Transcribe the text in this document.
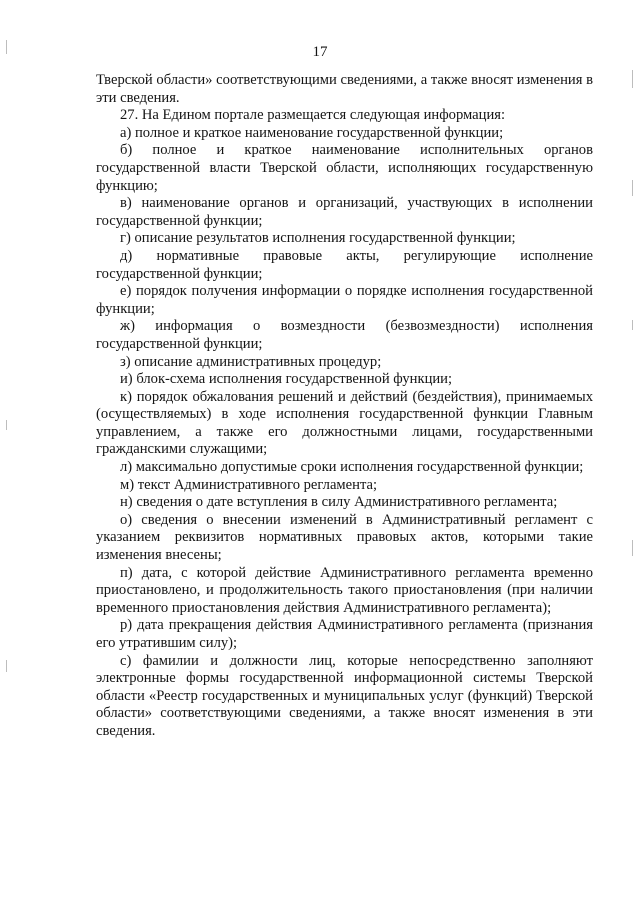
17

Тверской области» соответствующими сведениями, а также вносят изменения в эти сведения.

27. На Едином портале размещается следующая информация:

а) полное и краткое наименование государственной функции;

б) полное и краткое наименование исполнительных органов государственной власти Тверской области, исполняющих государственную функцию;

в) наименование органов и организаций, участвующих в исполнении государственной функции;

г) описание результатов исполнения государственной функции;

д) нормативные правовые акты, регулирующие исполнение государственной функции;

е) порядок получения информации о порядке исполнения государственной функции;

ж) информация о возмездности (безвозмездности) исполнения государственной функции;

з) описание административных процедур;

и) блок-схема исполнения государственной функции;

к) порядок обжалования решений и действий (бездействия), принимаемых (осуществляемых) в ходе исполнения государственной функции Главным управлением, а также его должностными лицами, государственными гражданскими служащими;

л) максимально допустимые сроки исполнения государственной функции;

м) текст Административного регламента;

н) сведения о дате вступления в силу Административного регламента;

о) сведения о внесении изменений в Административный регламент с указанием реквизитов нормативных правовых актов, которыми такие изменения внесены;

п) дата, с которой действие Административного регламента временно приостановлено, и продолжительность такого приостановления (при наличии временного приостановления действия Административного регламента);

р) дата прекращения действия Административного регламента (признания его утратившим силу);

с) фамилии и должности лиц, которые непосредственно заполняют электронные формы государственной информационной системы Тверской области «Реестр государственных и муниципальных услуг (функций) Тверской области» соответствующими сведениями, а также вносят изменения в эти сведения.
